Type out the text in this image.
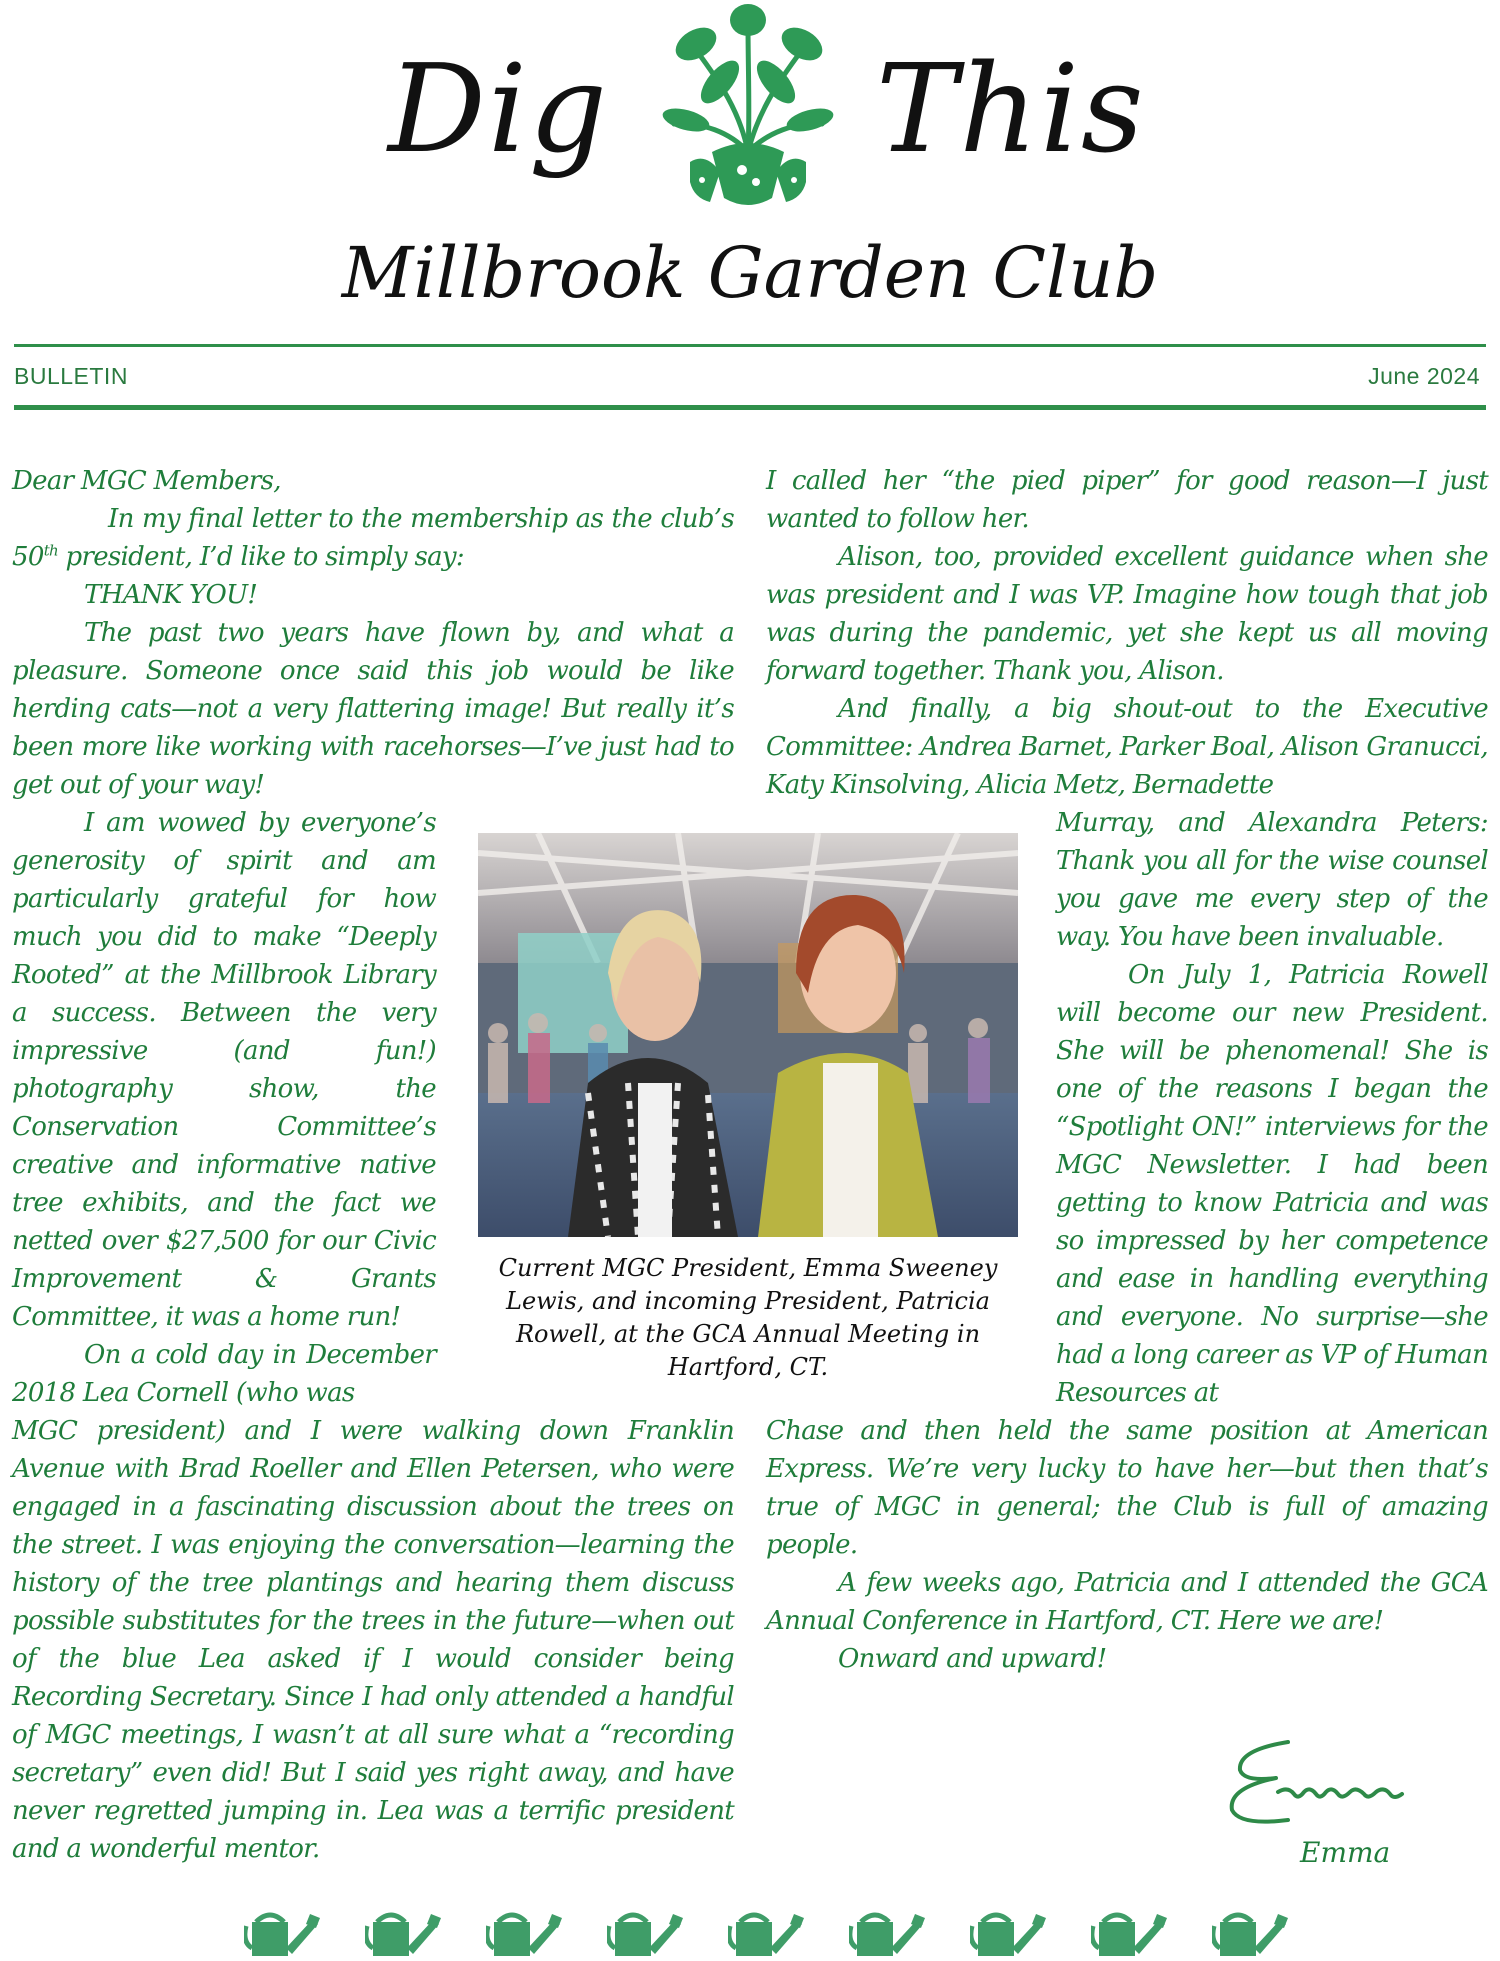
Dig This
Millbrook Garden Club
BULLETIN	June 2024
Dear MGC Members,
In my final letter to the membership as the club’s 50th president, I’d like to simply say:
THANK YOU!
The past two years have flown by, and what a pleasure. Someone once said this job would be like herding cats—not a very flattering image! But really it’s been more like working with racehorses—I’ve just had to get out of your way!
I am wowed by everyone’s generosity of spirit and am particularly grateful for how much you did to make “Deeply Rooted” at the Millbrook Library a success. Between the very impressive (and fun!) photography show, the Conservation Committee’s creative and informative native tree exhibits, and the fact we netted over $27,500 for our Civic Improvement & Grants Committee, it was a home run!
On a cold day in December 2018 Lea Cornell (who was
MGC president) and I were walking down Franklin Avenue with Brad Roeller and Ellen Petersen, who were engaged in a fascinating discussion about the trees on the street. I was enjoying the conversation—learning the history of the tree plantings and hearing them discuss possible substitutes for the trees in the future—when out of the blue Lea asked if I would consider being Recording Secretary. Since I had only attended a handful of MGC meetings, I wasn’t at all sure what a “recording secretary” even did! But I said yes right away, and have never regretted jumping in. Lea was a terrific president and a wonderful mentor.
I called her “the pied piper” for good reason—I just wanted to follow her.
Alison, too, provided excellent guidance when she was president and I was VP. Imagine how tough that job was during the pandemic, yet she kept us all moving forward together. Thank you, Alison.
And finally, a big shout-out to the Executive Committee: Andrea Barnet, Parker Boal, Alison Granucci, Katy Kinsolving, Alicia Metz, Bernadette
Murray, and Alexandra Peters: Thank you all for the wise counsel you gave me every step of the way. You have been invaluable.
On July 1, Patricia Rowell will become our new President. She will be phenomenal! She is one of the reasons I began the “Spotlight ON!” interviews for the MGC Newsletter. I had been getting to know Patricia and was so impressed by her competence and ease in handling everything and everyone. No surprise—she had a long career as VP of Human Resources at
Chase and then held the same position at American Express. We’re very lucky to have her—but then that’s true of MGC in general; the Club is full of amazing people.
A few weeks ago, Patricia and I attended the GCA Annual Conference in Hartford, CT. Here we are!
Onward and upward!
Current MGC President, Emma Sweeney Lewis, and incoming President, Patricia Rowell, at the GCA Annual Meeting in Hartford, CT.
Emma
